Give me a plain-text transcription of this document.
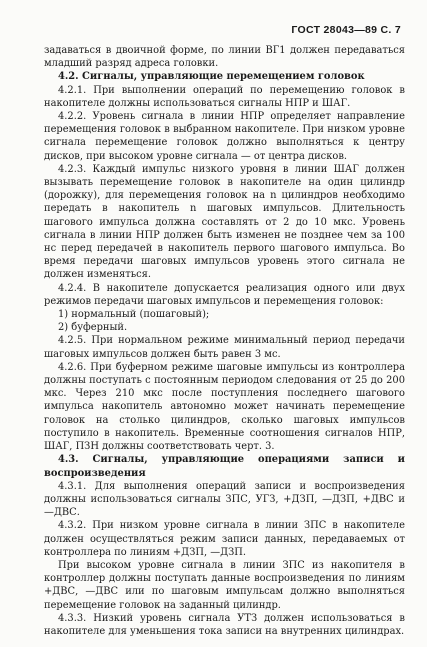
ГОСТ 28043—89 С. 7

задаваться в двоичной форме, по линии ВГ1 должен передаваться младший разряд адреса головки.

4.2. Сигналы, управляющие перемещением головок

4.2.1. При выполнении операций по перемещению головок в накопителе должны использоваться сигналы НПР и ШАГ.

4.2.2. Уровень сигнала в линии НПР определяет направление перемещения головок в выбранном накопителе. При низком уровне сигнала перемещение головок должно выполняться к центру дисков, при высоком уровне сигнала — от центра дисков.

4.2.3. Каждый импульс низкого уровня в линии ШАГ должен вызывать перемещение головок в накопителе на один цилиндр (дорожку), для перемещения головок на n цилиндров необходимо передать в накопитель n шаговых импульсов. Длительность шагового импульса должна составлять от 2 до 10 мкс. Уровень сигнала в линии НПР должен быть изменен не позднее чем за 100 нс перед передачей в накопитель первого шагового импульса. Во время передачи шаговых импульсов уровень этого сигнала не должен изменяться.

4.2.4. В накопителе допускается реализация одного или двух режимов передачи шаговых импульсов и перемещения головок:

1) нормальный (пошаговый);

2) буферный.

4.2.5. При нормальном режиме минимальный период передачи шаговых импульсов должен быть равен 3 мс.

4.2.6. При буферном режиме шаговые импульсы из контроллера должны поступать с постоянным периодом следования от 25 до 200 мкс. Через 210 мкс после поступления последнего шагового импульса накопитель автономно может начинать перемещение головок на столько цилиндров, сколько шаговых импульсов поступило в накопитель. Временные соотношения сигналов НПР, ШАГ, ПЗН должны соответствовать черт. 3.

4.3. Сигналы, управляющие операциями записи и воспроизведения

4.3.1. Для выполнения операций записи и воспроизведения должны использоваться сигналы ЗПС, УГЗ, +ДЗП, —ДЗП, +ДВС и —ДВС.

4.3.2. При низком уровне сигнала в линии ЗПС в накопителе должен осуществляться режим записи данных, передаваемых от контроллера по линиям +ДЗП, —ДЗП.

При высоком уровне сигнала в линии ЗПС из накопителя в контроллер должны поступать данные воспроизведения по линиям +ДВС, —ДВС или по шаговым импульсам должно выполняться перемещение головок на заданный цилиндр.

4.3.3. Низкий уровень сигнала УТЗ должен использоваться в накопителе для уменьшения тока записи на внутренних цилиндрах.
